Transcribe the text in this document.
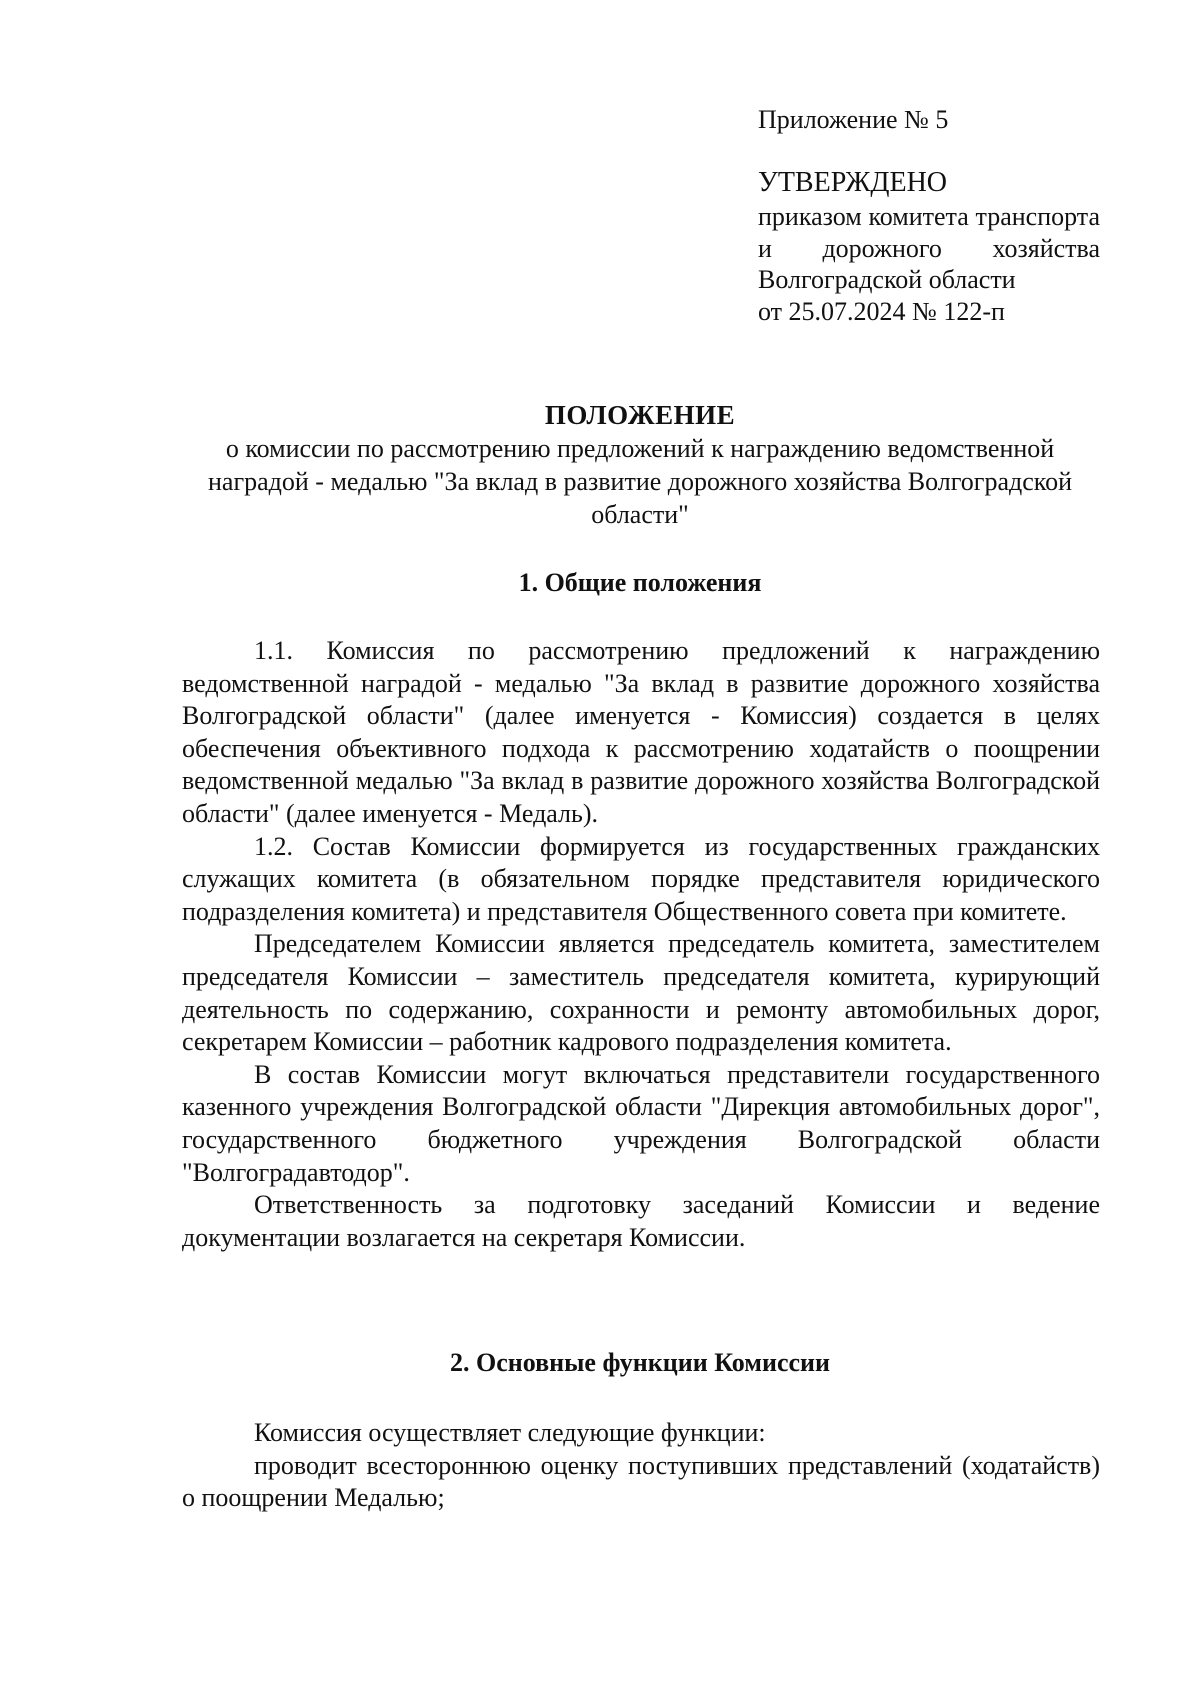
Приложение № 5
УТВЕРЖДЕНО
приказом комитета транспорта и дорожного хозяйства Волгоградской области
от 25.07.2024 № 122-п
ПОЛОЖЕНИЕ
о комиссии по рассмотрению предложений к награждению ведомственной наградой - медалью "За вклад в развитие дорожного хозяйства Волгоградской области"
1. Общие положения

1.1. Комиссия по рассмотрению предложений к награждению ведомственной наградой - медалью "За вклад в развитие дорожного хозяйства Волгоградской области" (далее именуется - Комиссия) создается в целях обеспечения объективного подхода к рассмотрению ходатайств о поощрении ведомственной медалью "За вклад в развитие дорожного хозяйства Волгоградской области" (далее именуется - Медаль).

1.2. Состав Комиссии формируется из государственных гражданских служащих комитета (в обязательном порядке представителя юридического подразделения комитета) и представителя Общественного совета при комитете.

Председателем Комиссии является председатель комитета, заместителем председателя Комиссии – заместитель председателя комитета, курирующий деятельность по содержанию, сохранности и ремонту автомобильных дорог, секретарем Комиссии – работник кадрового подразделения комитета.

В состав Комиссии могут включаться представители государственного казенного учреждения Волгоградской области "Дирекция автомобильных дорог", государственного бюджетного учреждения Волгоградской области "Волгоградавтодор".

Ответственность за подготовку заседаний Комиссии и ведение документации возлагается на секретаря Комиссии.

2. Основные функции Комиссии

Комиссия осуществляет следующие функции:

проводит всестороннюю оценку поступивших представлений (ходатайств) о поощрении Медалью;
